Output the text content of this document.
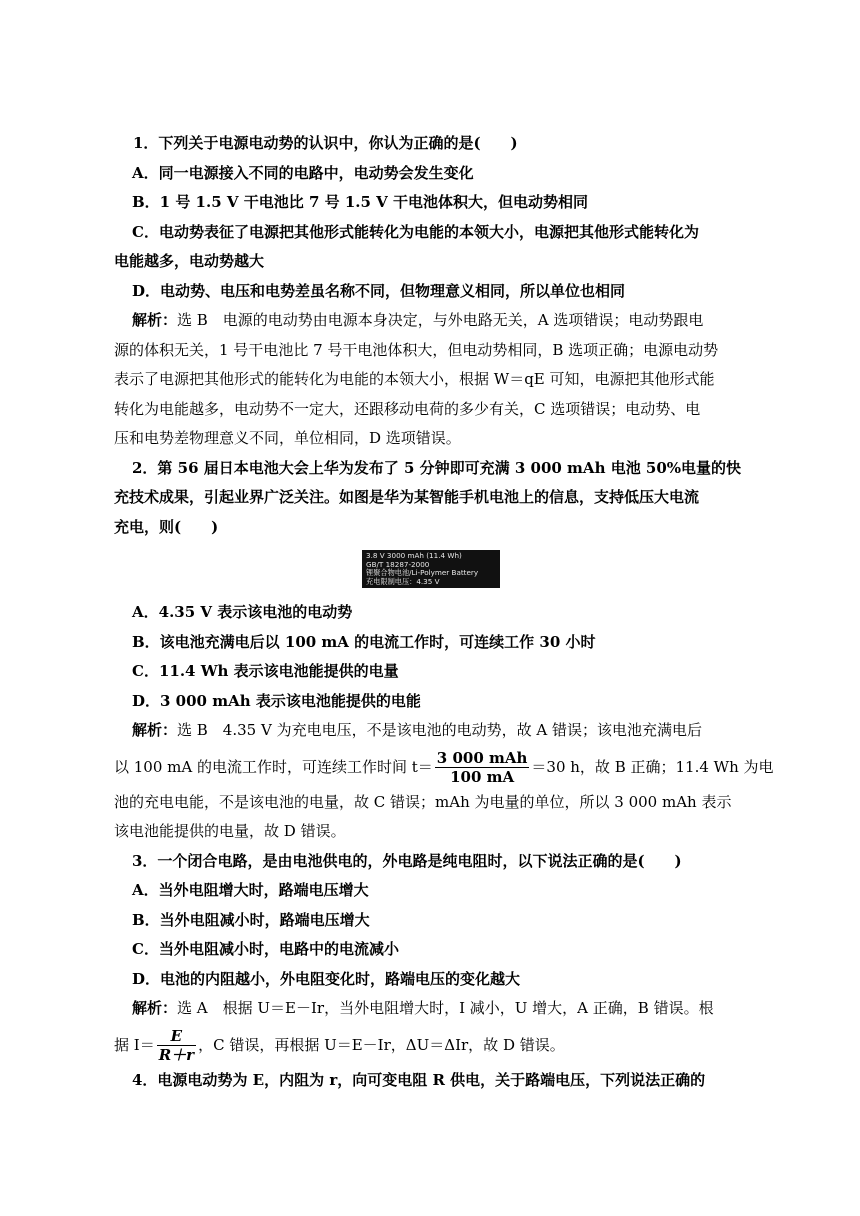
1．下列关于电源电动势的认识中，你认为正确的是(　　)
A．同一电源接入不同的电路中，电动势会发生变化
B．1 号 1.5 V 干电池比 7 号 1.5 V 干电池体积大，但电动势相同
C．电动势表征了电源把其他形式能转化为电能的本领大小，电源把其他形式能转化为
电能越多，电动势越大
D．电动势、电压和电势差虽名称不同，但物理意义相同，所以单位也相同
解析：选 B　电源的电动势由电源本身决定，与外电路无关，A 选项错误；电动势跟电
源的体积无关，1 号干电池比 7 号干电池体积大，但电动势相同，B 选项正确；电源电动势
表示了电源把其他形式的能转化为电能的本领大小，根据 W＝qE 可知，电源把其他形式能
转化为电能越多，电动势不一定大，还跟移动电荷的多少有关，C 选项错误；电动势、电
压和电势差物理意义不同，单位相同，D 选项错误。
2．第 56 届日本电池大会上华为发布了 5 分钟即可充满 3 000 mAh 电池 50%电量的快
充技术成果，引起业界广泛关注。如图是华为某智能手机电池上的信息，支持低压大电流
充电，则(　　)
3.8 V 3000 mAh (11.4 Wh)
GB/T 18287-2000
锂聚合物电池/Li-Polymer Battery
充电限制电压：4.35 V
A．4.35 V 表示该电池的电动势
B．该电池充满电后以 100 mA 的电流工作时，可连续工作 30 小时
C．11.4 Wh 表示该电池能提供的电量
D．3 000 mAh 表示该电池能提供的电能
解析：选 B　4.35 V 为充电电压，不是该电池的电动势，故 A 错误；该电池充满电后
以 100 mA 的电流工作时，可连续工作时间 $t= \frac{\text{3 000 mAh}}{100 mA} =30$ h，故 B 正确；11.4 Wh 为电
池的充电电能，不是该电池的电量，故 C 错误；mAh 为电量的单位，所以 3 000 mAh 表示
该电池能提供的电量，故 D 错误。
3．一个闭合电路，是由电池供电的，外电路是纯电阻时，以下说法正确的是(　　)
A．当外电阻增大时，路端电压增大
B．当外电阻减小时，路端电压增大
C．当外电阻减小时，电路中的电流减小
D．电池的内阻越小，外电阻变化时，路端电压的变化越大
解析：选 A　根据 U＝E－Ir，当外电阻增大时，I 减小，U 增大，A 正确，B 错误。根
据 $I= \frac{E}{R+r}$ ，C 错误，再根据 U＝E－Ir，ΔU＝ΔIr，故 D 错误。
4．电源电动势为 E，内阻为 r，向可变电阻 R 供电，关于路端电压，下列说法正确的
